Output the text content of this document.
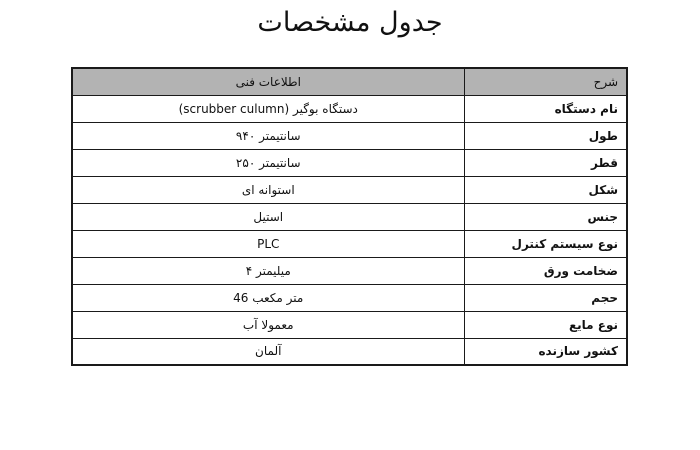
جدول مشخصات
شرح	اطلاعات فنی
نام دستگاه	دستگاه بوگیر (scrubber culumn)
طول	۹۴۰ سانتیمتر
قطر	۲۵۰ سانتیمتر
شکل	استوانه ای
جنس	استیل
نوع سیستم کنترل	PLC
ضخامت ورق	۴ میلیمتر
حجم	46 متر مکعب
نوع مایع	معمولا آب
کشور سازنده	آلمان
